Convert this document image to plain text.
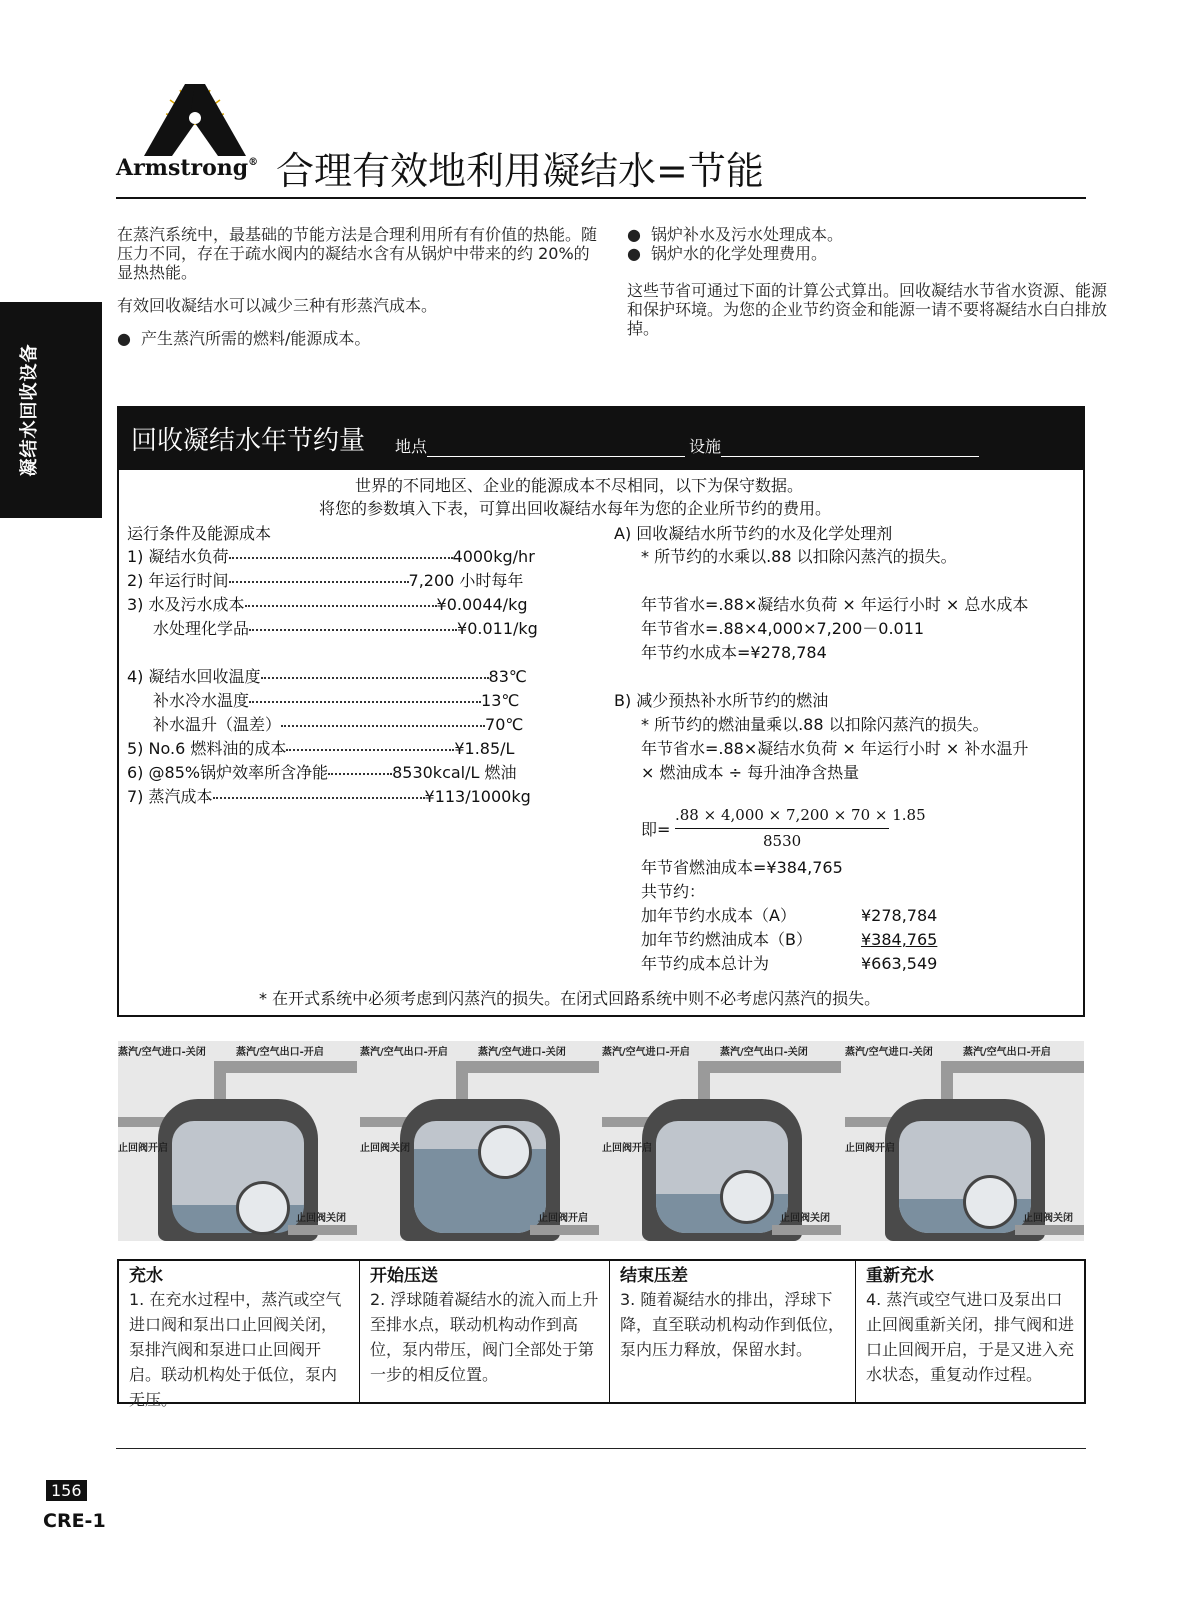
Armstrong® 合理有效地利用凝结水=节能
凝结水回收设备
在蒸汽系统中，最基础的节能方法是合理利用所有有价值的热能。随压力不同，存在于疏水阀内的凝结水含有从锅炉中带来的约 20%的显热热能。
有效回收凝结水可以减少三种有形蒸汽成本。
● 产生蒸汽所需的燃料/能源成本。
● 锅炉补水及污水处理成本。
● 锅炉水的化学处理费用。
这些节省可通过下面的计算公式算出。回收凝结水节省水资源、能源和保护环境。为您的企业节约资金和能源一请不要将凝结水白白排放掉。
回收凝结水年节约量 地点	设施
世界的不同地区、企业的能源成本不尽相同，以下为保守数据。
将您的参数填入下表，可算出回收凝结水每年为您的企业所节约的费用。
运行条件及能源成本
1) 凝结水负荷	4000kg/hr
2) 年运行时间	7,200 小时每年
3) 水及污水成本	¥0.0044/kg
水处理化学品	¥0.011/kg
4) 凝结水回收温度	83℃
补水冷水温度	13℃
补水温升（温差）	70℃
5) No.6 燃料油的成本	¥1.85/L
6) @85%锅炉效率所含净能	8530kcal/L 燃油
7) 蒸汽成本	¥113/1000kg
A) 回收凝结水所节约的水及化学处理剂
* 所节约的水乘以.88 以扣除闪蒸汽的损失。
年节省水=.88×凝结水负荷 × 年运行小时 × 总水成本
年节省水=.88×4,000×7,200－0.011
年节约水成本=¥278,784
B) 减少预热补水所节约的燃油
* 所节约的燃油量乘以.88 以扣除闪蒸汽的损失。
年节省水=.88×凝结水负荷 × 年运行小时 × 补水温升
× 燃油成本 ÷ 每升油净含热量
即=
.88 × 4,000 × 7,200 × 70 × 1.85
8530
年节省燃油成本=¥384,765
共节约：
加年节约水成本（A）	¥278,784
加年节约燃油成本（B）	¥384,765
年节约成本总计为	¥663,549
* 在开式系统中必须考虑到闪蒸汽的损失。在闭式回路系统中则不必考虑闪蒸汽的损失。
蒸汽/空气进口-关闭	蒸汽/空气出口-开启
止回阀开启
止回阀关闭
蒸汽/空气出口-开启	蒸汽/空气进口-关闭
止回阀关闭
止回阀开启
蒸汽/空气进口-开启	蒸汽/空气出口-关闭
止回阀开启
止回阀关闭
蒸汽/空气进口-关闭	蒸汽/空气出口-开启
止回阀开启
止回阀关闭
充水
1. 在充水过程中，蒸汽或空气进口阀和泵出口止回阀关闭，泵排汽阀和泵进口止回阀开启。联动机构处于低位，泵内无压。
开始压送
2. 浮球随着凝结水的流入而上升至排水点，联动机构动作到高位，泵内带压，阀门全部处于第一步的相反位置。
结束压差
3. 随着凝结水的排出，浮球下降，直至联动机构动作到低位，泵内压力释放，保留水封。
重新充水
4. 蒸汽或空气进口及泵出口止回阀重新关闭，排气阀和进口止回阀开启，于是又进入充水状态，重复动作过程。
156
CRE-1
